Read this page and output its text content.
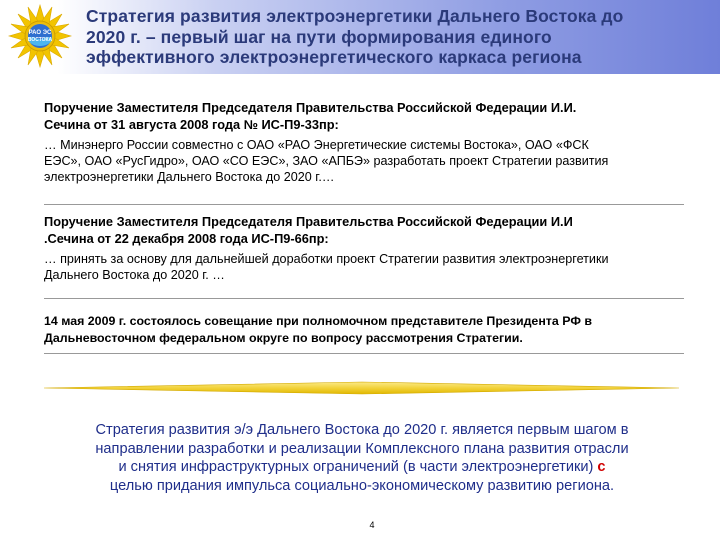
РАО ЭС
ВОСТОКА
Стратегия развития электроэнергетики Дальнего Востока до
2020 г. – первый шаг на пути формирования единого
эффективного электроэнергетического каркаса региона
Поручение Заместителя Председателя Правительства Российской Федерации И.И.
Сечина от 31 августа 2008 года № ИС-П9-33пр:
… Минэнерго России совместно с ОАО «РАО Энергетические системы Востока», ОАО «ФСК
ЕЭС», ОАО «РусГидро», ОАО «СО ЕЭС», ЗАО «АПБЭ» разработать проект Стратегии развития
электроэнергетики Дальнего Востока до 2020 г.…
Поручение Заместителя Председателя Правительства Российской Федерации И.И
.Сечина от 22 декабря 2008 года ИС-П9-66пр:
… принять за основу для дальнейшей доработки проект Стратегии развития электроэнергетики
Дальнего Востока до 2020 г. …
14 мая 2009 г. состоялось совещание при полномочном представителе Президента РФ в
Дальневосточном федеральном округе по вопросу рассмотрения Стратегии.
Стратегия развития э/э Дальнего Востока до 2020 г. является первым шагом в
направлении разработки и реализации Комплексного плана развития отрасли
и снятия инфраструктурных ограничений (в части электроэнергетики) с
целью придания импульса социально-экономическому развитию региона.
4
